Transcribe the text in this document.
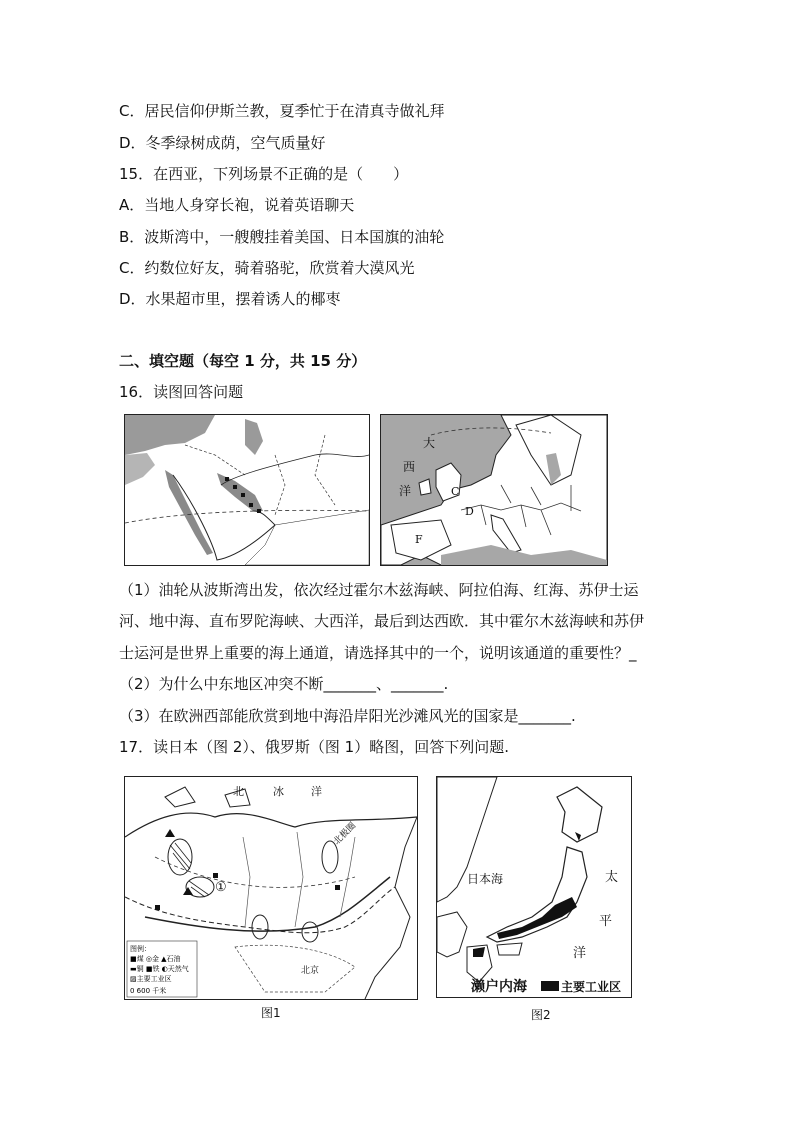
C．居民信仰伊斯兰教，夏季忙于在清真寺做礼拜
D．冬季绿树成荫，空气质量好
15．在西亚，下列场景不正确的是（　　）
A．当地人身穿长袍，说着英语聊天
B．波斯湾中，一艘艘挂着美国、日本国旗的油轮
C．约数位好友，骑着骆驼，欣赏着大漠风光
D．水果超市里，摆着诱人的椰枣
二、填空题（每空 1 分，共 15 分）
16．读图回答问题
大
西
洋	C
D
F
（1）油轮从波斯湾出发，依次经过霍尔木兹海峡、阿拉伯海、红海、苏伊士运
河、地中海、直布罗陀海峡、大西洋，最后到达西欧．其中霍尔木兹海峡和苏伊
士运河是世界上重要的海上通道，请选择其中的一个，说明该通道的重要性？_
（2）为什么中东地区冲突不断_______、_______.
（3）在欧洲西部能欣赏到地中海沿岸阳光沙滩风光的国家是_______.
17．读日本（图 2）、俄罗斯（图 1）略图，回答下列问题.
北	冰 洋
北极圈
①
北京
图例：
■煤 ◎金 ▲石油
▬铜 ■铁 ◐天然气
▨主要工业区
0 600 千米
图1
日本海	太
平
洋
濑户内海	主要工业区
图2
